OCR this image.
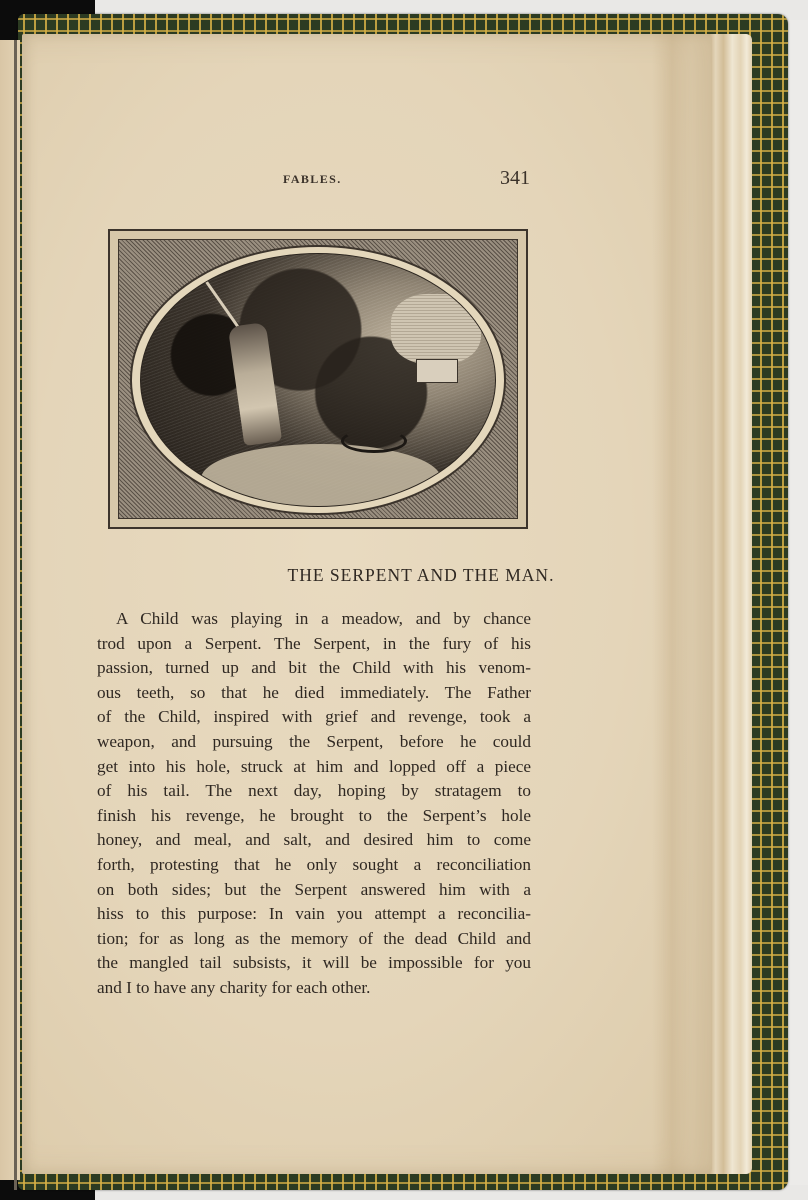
FABLES.	341
THE SERPENT AND THE MAN.
A Child was playing in a meadow, and by chance
trod upon a Serpent. The Serpent, in the fury of his
passion, turned up and bit the Child with his venom-
ous teeth, so that he died immediately. The Father
of the Child, inspired with grief and revenge, took a
weapon, and pursuing the Serpent, before he could
get into his hole, struck at him and lopped off a piece
of his tail. The next day, hoping by stratagem to
finish his revenge, he brought to the Serpent’s hole
honey, and meal, and salt, and desired him to come
forth, protesting that he only sought a reconciliation
on both sides; but the Serpent answered him with a
hiss to this purpose: In vain you attempt a reconcilia-
tion; for as long as the memory of the dead Child and
the mangled tail subsists, it will be impossible for you
and I to have any charity for each other.
